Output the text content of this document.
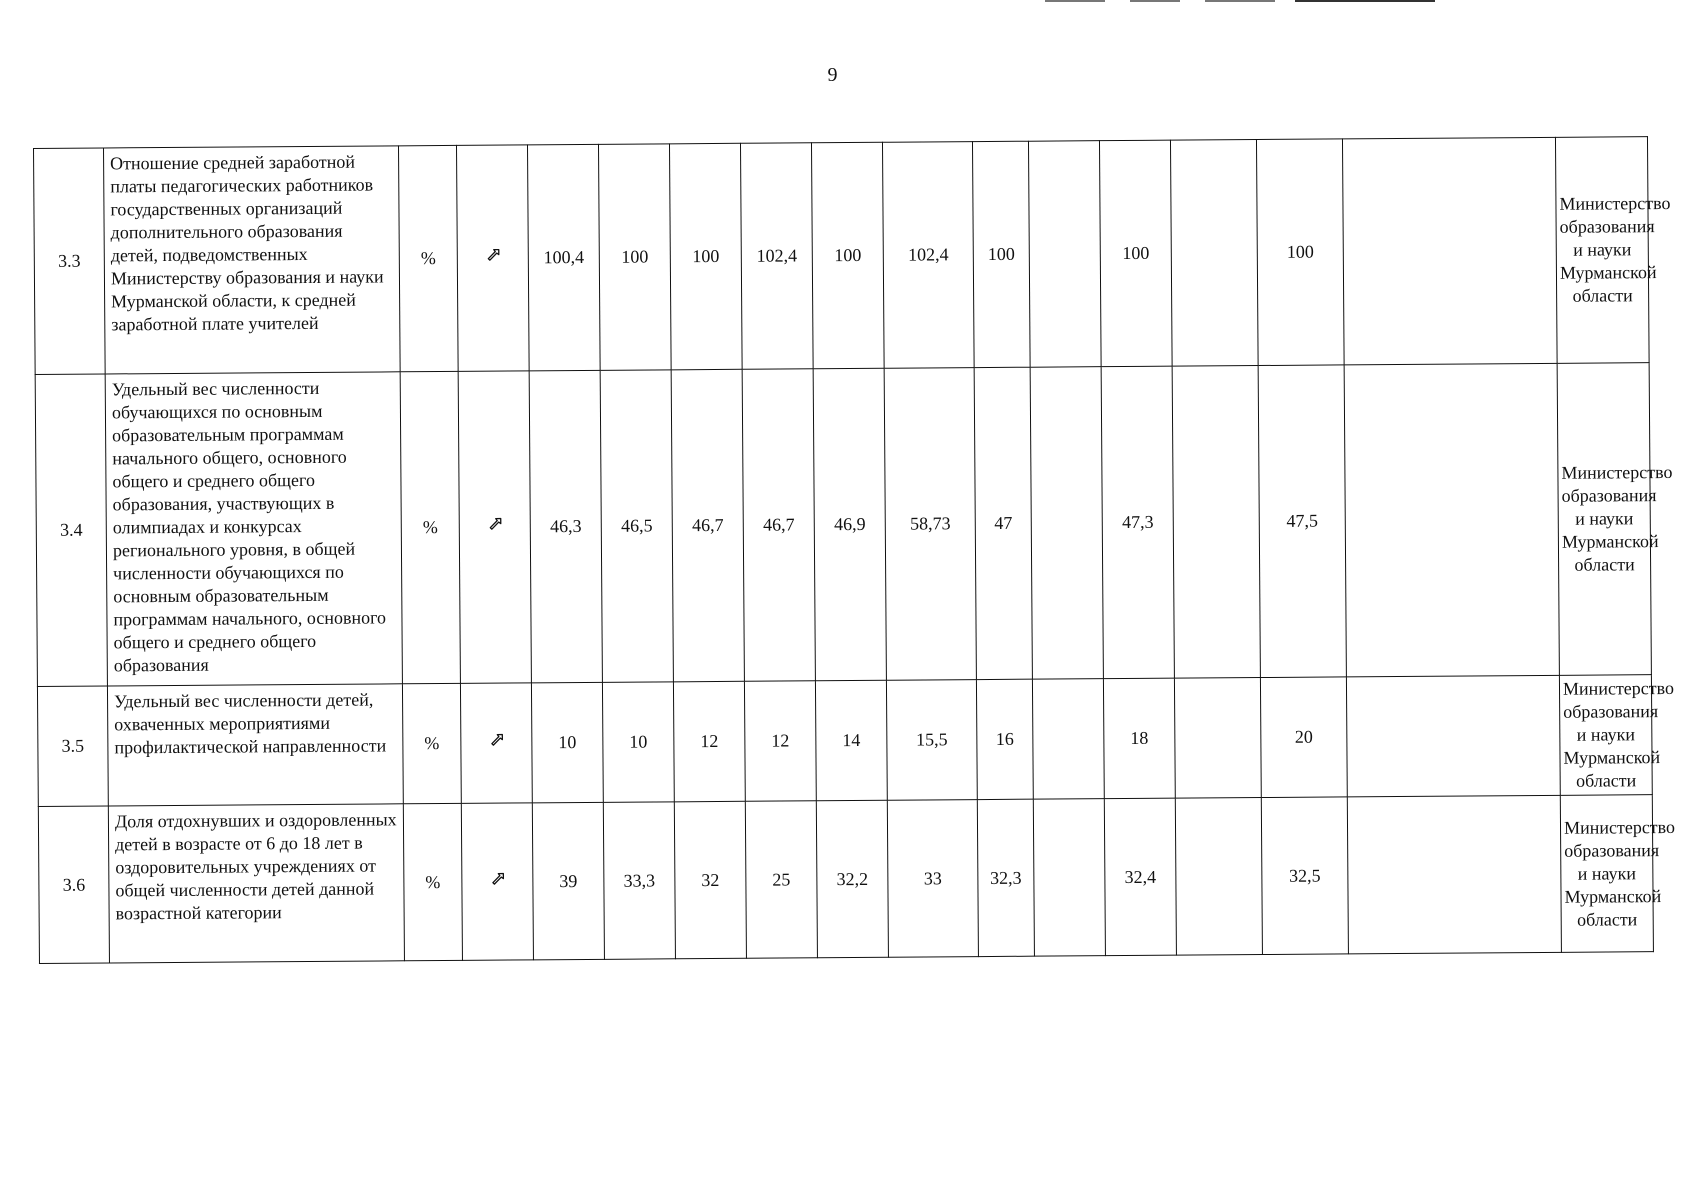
9
3.3	Отношение средней заработной платы педагогических работников государственных организаций дополнительного образования детей, подведомственных Министерству образования и науки Мурманской области, к средней заработной плате учителей	%		100,4	100	100	102,4	100	102,4	100		100		100		Министерство образования и науки Мурманской области
3.4	Удельный вес численности обучающихся по основным образовательным программам начального общего, основного общего и среднего общего образования, участвующих в олимпиадах и конкурсах регионального уровня, в общей численности обучающихся по основным образовательным программам начального, основного общего и среднего общего образования	%		46,3	46,5	46,7	46,7	46,9	58,73	47		47,3		47,5		Министерство образования и науки Мурманской области
3.5	Удельный вес численности детей, охваченных мероприятиями профилактической направленности	%		10	10	12	12	14	15,5	16		18		20		Министерство образования и науки Мурманской области
3.6	Доля отдохнувших и оздоровленных детей в возрасте от 6 до 18 лет в оздоровительных учреждениях от общей численности детей данной возрастной категории	%		39	33,3	32	25	32,2	33	32,3		32,4		32,5		Министерство образования и науки Мурманской области
